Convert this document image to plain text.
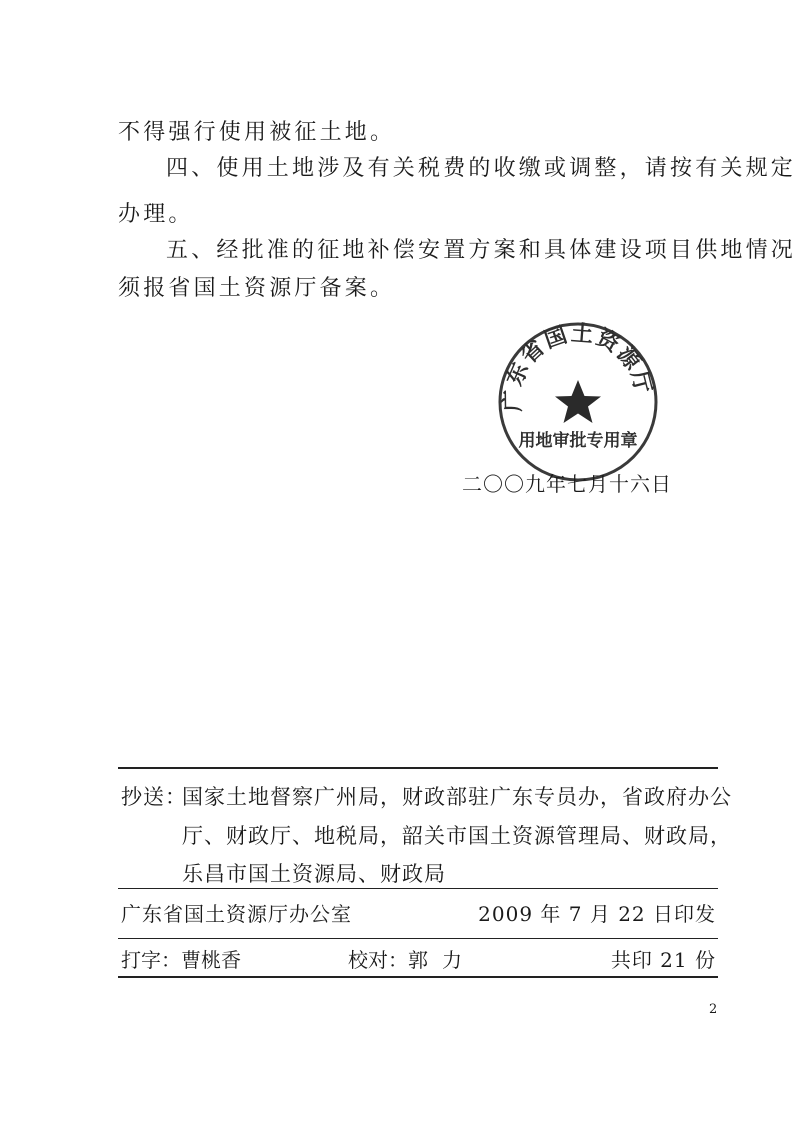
不得强行使用被征土地。
四、使用土地涉及有关税费的收缴或调整，请按有关规定
办理。
五、经批准的征地补偿安置方案和具体建设项目供地情况
须报省国土资源厅备案。
广东省国土资源厅
用地审批专用章
二〇〇九年七月十六日
抄送：
国家土地督察广州局，财政部驻广东专员办，省政府办公
厅、财政厅、地税局，韶关市国土资源管理局、财政局，
乐昌市国土资源局、财政局
广东省国土资源厅办公室	2009 年 7 月 22 日印发
打字：曹桃香	校对：郭 力	共印 21 份
2
